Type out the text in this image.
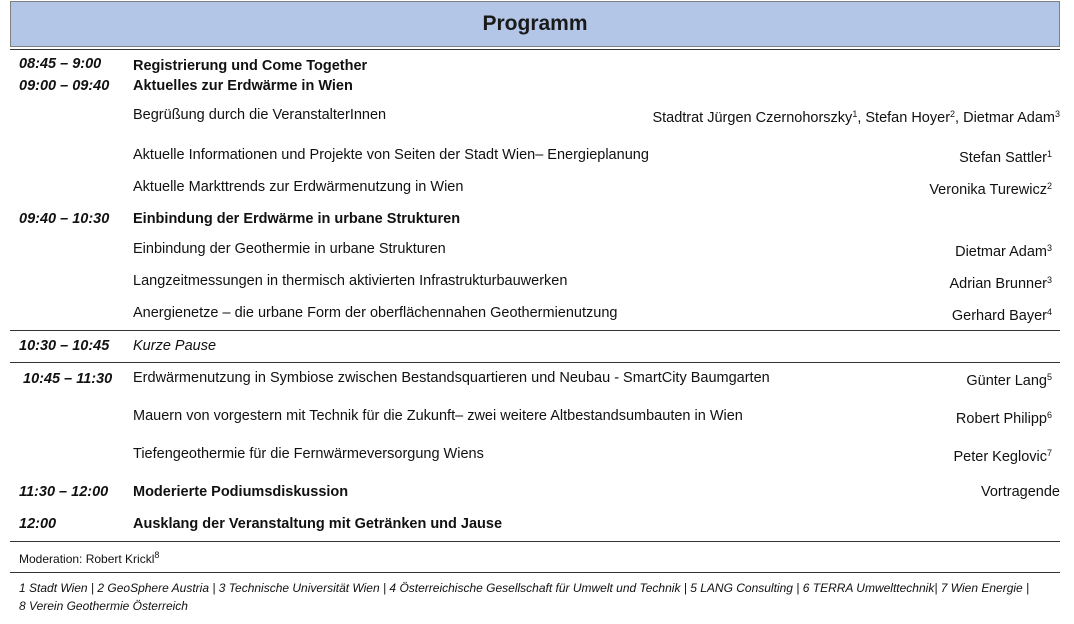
Programm
08:45 – 9:00 Registrierung und Come Together
09:00 – 09:40 Aktuelles zur Erdwärme in Wien
Begrüßung durch die VeranstalterInnen	Stadtrat Jürgen Czernohorszky$^1$, Stefan Hoyer$^2$, Dietmar Adam$^3$
Aktuelle Informationen und Projekte von Seiten der Stadt Wien– Energieplanung	Stefan Sattler$^1$
Aktuelle Markttrends zur Erdwärmenutzung in Wien	Veronika Turewicz$^2$
09:40 – 10:30 Einbindung der Erdwärme in urbane Strukturen
Einbindung der Geothermie in urbane Strukturen	Dietmar Adam$^3$
Langzeitmessungen in thermisch aktivierten Infrastrukturbauwerken	Adrian Brunner$^3$
Anergienetze – die urbane Form der oberflächennahen Geothermienutzung	Gerhard Bayer$^4$
10:30 – 10:45 Kurze Pause
10:45 – 11:30 Erdwärmenutzung in Symbiose zwischen Bestandsquartieren und Neubau - SmartCity Baumgarten	Günter Lang$^5$
Mauern von vorgestern mit Technik für die Zukunft– zwei weitere Altbestandsumbauten in Wien	Robert Philipp$^6$
Tiefengeothermie für die Fernwärmeversorgung Wiens	Peter Keglovic$^7$
11:30 – 12:00 Moderierte Podiumsdiskussion	Vortragende
12:00	Ausklang der Veranstaltung mit Getränken und Jause
Moderation: Robert Krickl$^8$
1 Stadt Wien | 2 GeoSphere Austria | 3 Technische Universität Wien | 4 Österreichische Gesellschaft für Umwelt und Technik | 5 LANG Consulting | 6 TERRA Umwelttechnik| 7 Wien Energie |
8 Verein Geothermie Österreich
